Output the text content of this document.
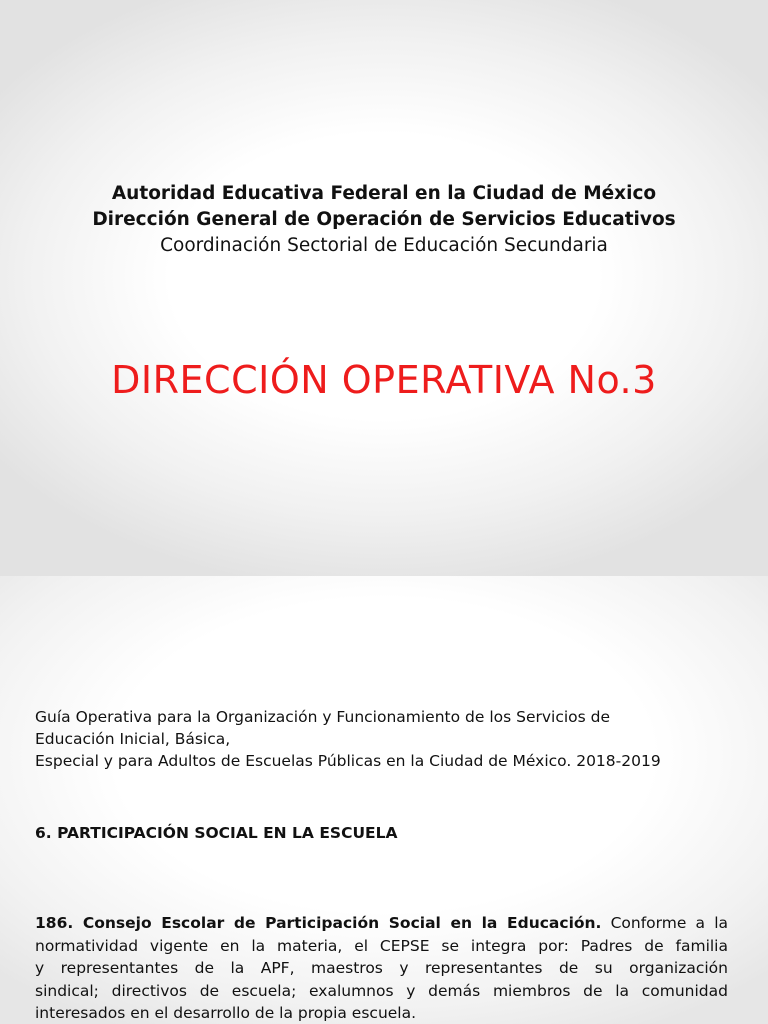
Autoridad Educativa Federal en la Ciudad de México
Dirección General de Operación de Servicios Educativos
Coordinación Sectorial de Educación Secundaria
DIRECCIÓN OPERATIVA No.3
Guía Operativa para la Organización y Funcionamiento de los Servicios de
Educación Inicial, Básica,
Especial y para Adultos de Escuelas Públicas en la Ciudad de México. 2018-2019
6. PARTICIPACIÓN SOCIAL EN LA ESCUELA
186. Consejo Escolar de Participación Social en la Educación. Conforme a la
normatividad vigente en la materia, el CEPSE se integra por: Padres de familia
y representantes de la APF, maestros y representantes de su organización
sindical; directivos de escuela; exalumnos y demás miembros de la comunidad
interesados en el desarrollo de la propia escuela.
